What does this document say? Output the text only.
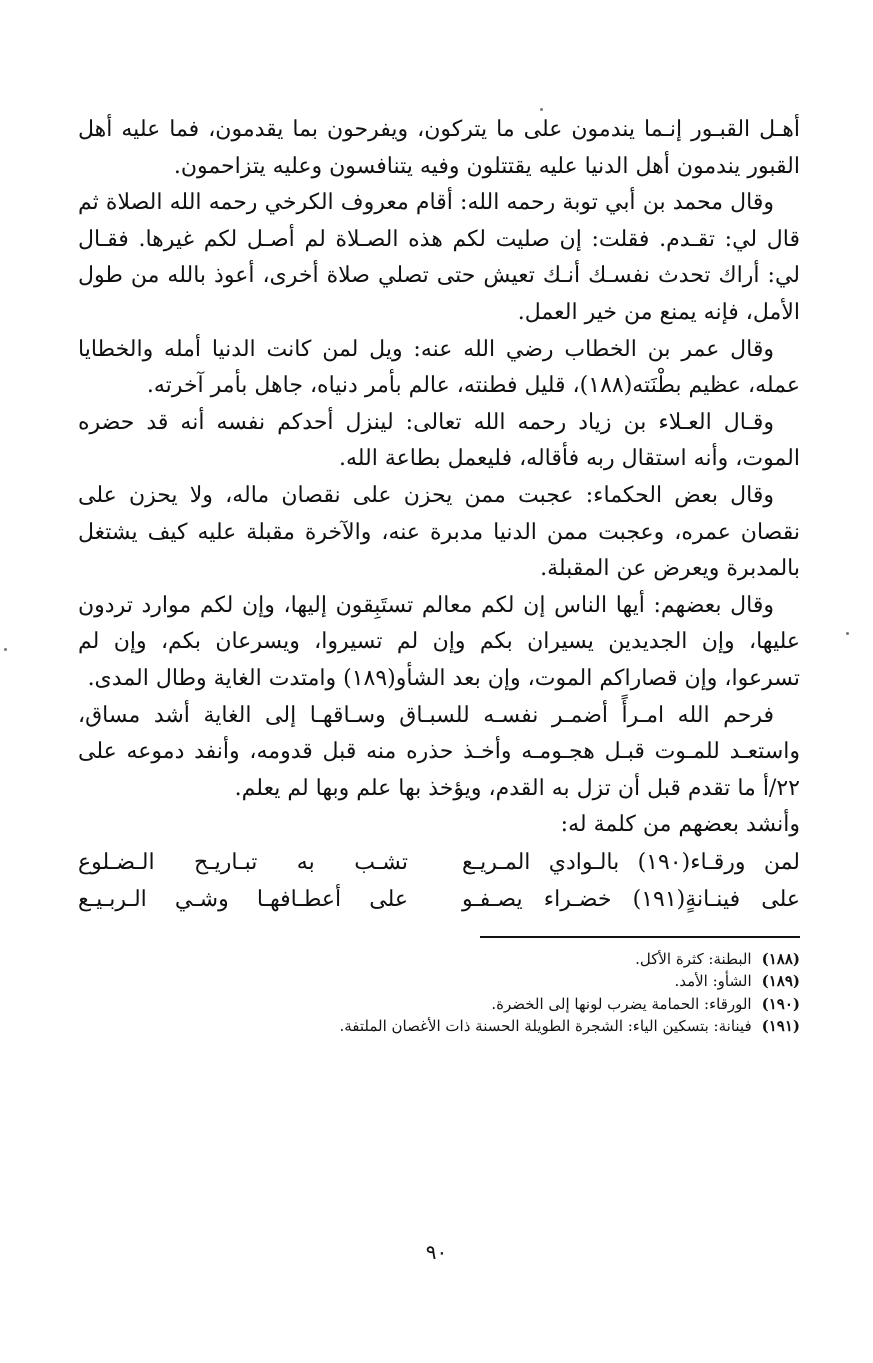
أهـل القبـور إنـما يندمون على ما يتركون، ويفرحون بما يقدمون، فما عليه أهل القبور يندمون أهل الدنيا عليه يقتتلون وفيه يتنافسون وعليه يتزاحمون.

وقال محمد بن أبي توبة رحمه الله: أقام معروف الكرخي رحمه الله الصلاة ثم قال لي: تقـدم. فقلت: إن صليت لكم هذه الصـلاة لم أصـل لكم غيرها. فقـال لي: أراك تحدث نفسـك أنـك تعيش حتى تصلي صلاة أخرى، أعوذ بالله من طول الأمل، فإنه يمنع من خير العمل.

وقال عمر بن الخطاب رضي الله عنه: ويل لمن كانت الدنيا أمله والخطايا عمله، عظيم بطْنَته(١٨٨)، قليل فطنته، عالم بأمر دنياه، جاهل بأمر آخرته.

وقـال العـلاء بن زياد رحمه الله تعالى: لينزل أحدكم نفسه أنه قد حضره الموت، وأنه استقال ربه فأقاله، فليعمل بطاعة الله.

وقال بعض الحكماء: عجبت ممن يحزن على نقصان ماله، ولا يحزن على نقصان عمره، وعجبت ممن الدنيا مدبرة عنه، والآخرة مقبلة عليه كيف يشتغل بالمدبرة ويعرض عن المقبلة.

وقال بعضهم: أيها الناس إن لكم معالم تستَبِقون إليها، وإن لكم موارد تردون عليها، وإن الجديدين يسيران بكم وإن لم تسيروا، ويسرعان بكم، وإن لم تسرعوا، وإن قصاراكم الموت، وإن بعد الشأو(١٨٩) وامتدت الغاية وطال المدى.

فرحم الله امـرأً أضمـر نفسـه للسبـاق وسـاقهـا إلى الغاية أشد مساق، واستعـد للمـوت قبـل هجـومـه وأخـذ حذره منه قبل قدومه، وأنفد دموعه على ٢٢/أ ما تقدم قبل أن تزل به القدم، ويؤخذ بها علم وبها لم يعلم.

وأنشد بعضهم من كلمة له:

لمن ورقـاء(١٩٠) بالـوادي المـريـع
تشـب به تبـاريـح الـضـلوع
على فينـانةٍ(١٩١) خضـراء يصـفـو
على أعطـافهـا وشـي الـربـيـع

(١٨٨)البطنة: كثرة الأكل.

(١٨٩)الشأو: الأمد.

(١٩٠)الورقاء: الحمامة يضرب لونها إلى الخضرة.

(١٩١)فينانة: بتسكين الياء: الشجرة الطويلة الحسنة ذات الأغصان الملتفة.

٩٠
